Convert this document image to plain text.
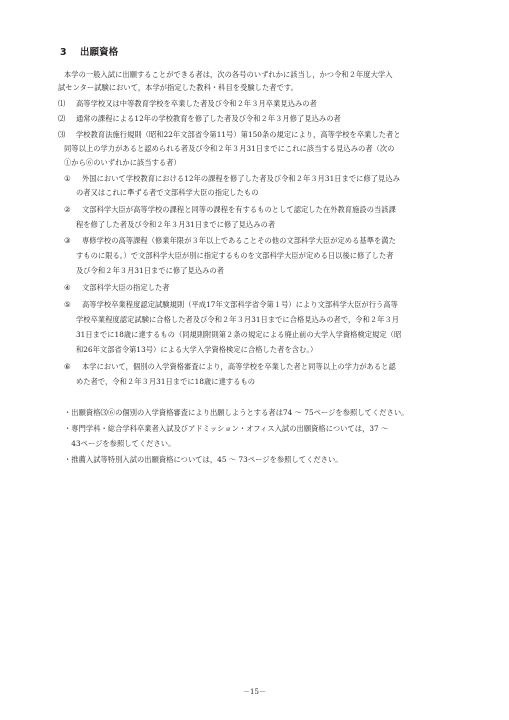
3 出願資格
本学の一般入試に出願することができる者は，次の各号のいずれかに該当し，かつ令和２年度大学入
試センター試験において，本学が指定した教科・科目を受験した者です。
⑴ 高等学校又は中等教育学校を卒業した者及び令和２年３月卒業見込みの者
⑵ 通常の課程による12年の学校教育を修了した者及び令和２年３月修了見込みの者
⑶ 学校教育法施行規則（昭和22年文部省令第11号）第150条の規定により，高等学校を卒業した者と
同等以上の学力があると認められる者及び令和２年３月31日までにこれに該当する見込みの者（次の
①から⑥のいずれかに該当する者）
① 外国において学校教育における12年の課程を修了した者及び令和２年３月31日までに修了見込み
の者又はこれに準ずる者で文部科学大臣の指定したもの
② 文部科学大臣が高等学校の課程と同等の課程を有するものとして認定した在外教育施設の当該課
程を修了した者及び令和２年３月31日までに修了見込みの者
③ 専修学校の高等課程（修業年限が３年以上であることその他の文部科学大臣が定める基準を満た
すものに限る。）で文部科学大臣が別に指定するものを文部科学大臣が定める日以後に修了した者
及び令和２年３月31日までに修了見込みの者
④ 文部科学大臣の指定した者
⑤ 高等学校卒業程度認定試験規則（平成17年文部科学省令第１号）により文部科学大臣が行う高等
学校卒業程度認定試験に合格した者及び令和２年３月31日までに合格見込みの者で，令和２年３月
31日までに18歳に達するもの（同規則附則第２条の規定による廃止前の大学入学資格検定規定（昭
和26年文部省令第13号）による大学入学資格検定に合格した者を含む。）
⑥ 本学において，個別の入学資格審査により，高等学校を卒業した者と同等以上の学力があると認
めた者で，令和２年３月31日までに18歳に達するもの
・出願資格⑶⑥の個別の入学資格審査により出願しようとする者は74 ～ 75ページを参照してください。
・専門学科・総合学科卒業者入試及びアドミッション・オフィス入試の出願資格については，37 ～
　43ページを参照してください。
・推薦入試等特別入試の出願資格については，45 ～ 73ページを参照してください。
－15－
